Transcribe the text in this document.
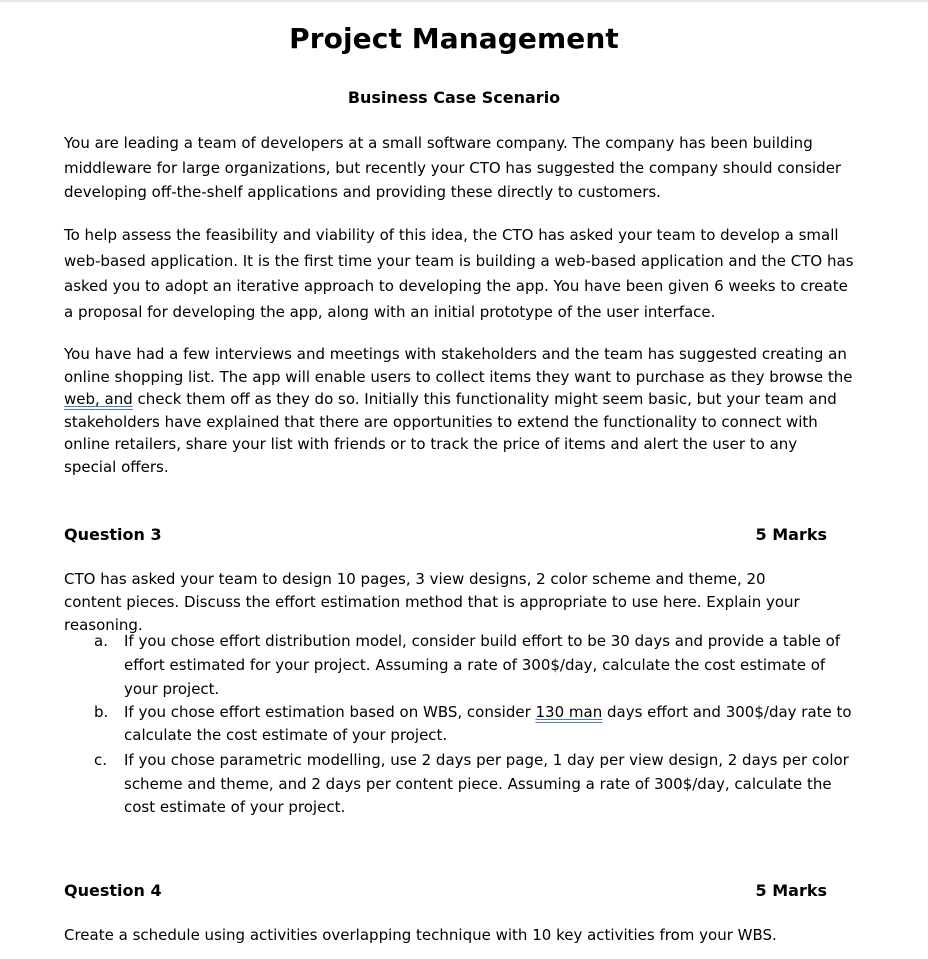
Project Management
Business Case Scenario

You are leading a team of developers at a small software company. The company has been building middleware for large organizations, but recently your CTO has suggested the company should consider developing off-the-shelf applications and providing these directly to customers.

To help assess the feasibility and viability of this idea, the CTO has asked your team to develop a small web-based application. It is the first time your team is building a web-based application and the CTO has asked you to adopt an iterative approach to developing the app. You have been given 6 weeks to create a proposal for developing the app, along with an initial prototype of the user interface.

You have had a few interviews and meetings with stakeholders and the team has suggested creating an online shopping list. The app will enable users to collect items they want to purchase as they browse the web, and check them off as they do so. Initially this functionality might seem basic, but your team and stakeholders have explained that there are opportunities to extend the functionality to connect with online retailers, share your list with friends or to track the price of items and alert the user to any special offers.

Question 3	5 Marks

CTO has asked your team to design 10 pages, 3 view designs, 2 color scheme and theme, 20 content pieces. Discuss the effort estimation method that is appropriate to use here. Explain your reasoning.

a. If you chose effort distribution model, consider build effort to be 30 days and provide a table of effort estimated for your project. Assuming a rate of 300$/day, calculate the cost estimate of your project.
b. If you chose effort estimation based on WBS, consider 130 man days effort and 300$/day rate to calculate the cost estimate of your project.
c. If you chose parametric modelling, use 2 days per page, 1 day per view design, 2 days per color scheme and theme, and 2 days per content piece. Assuming a rate of 300$/day, calculate the cost estimate of your project.
Question 4	5 Marks

Create a schedule using activities overlapping technique with 10 key activities from your WBS.
